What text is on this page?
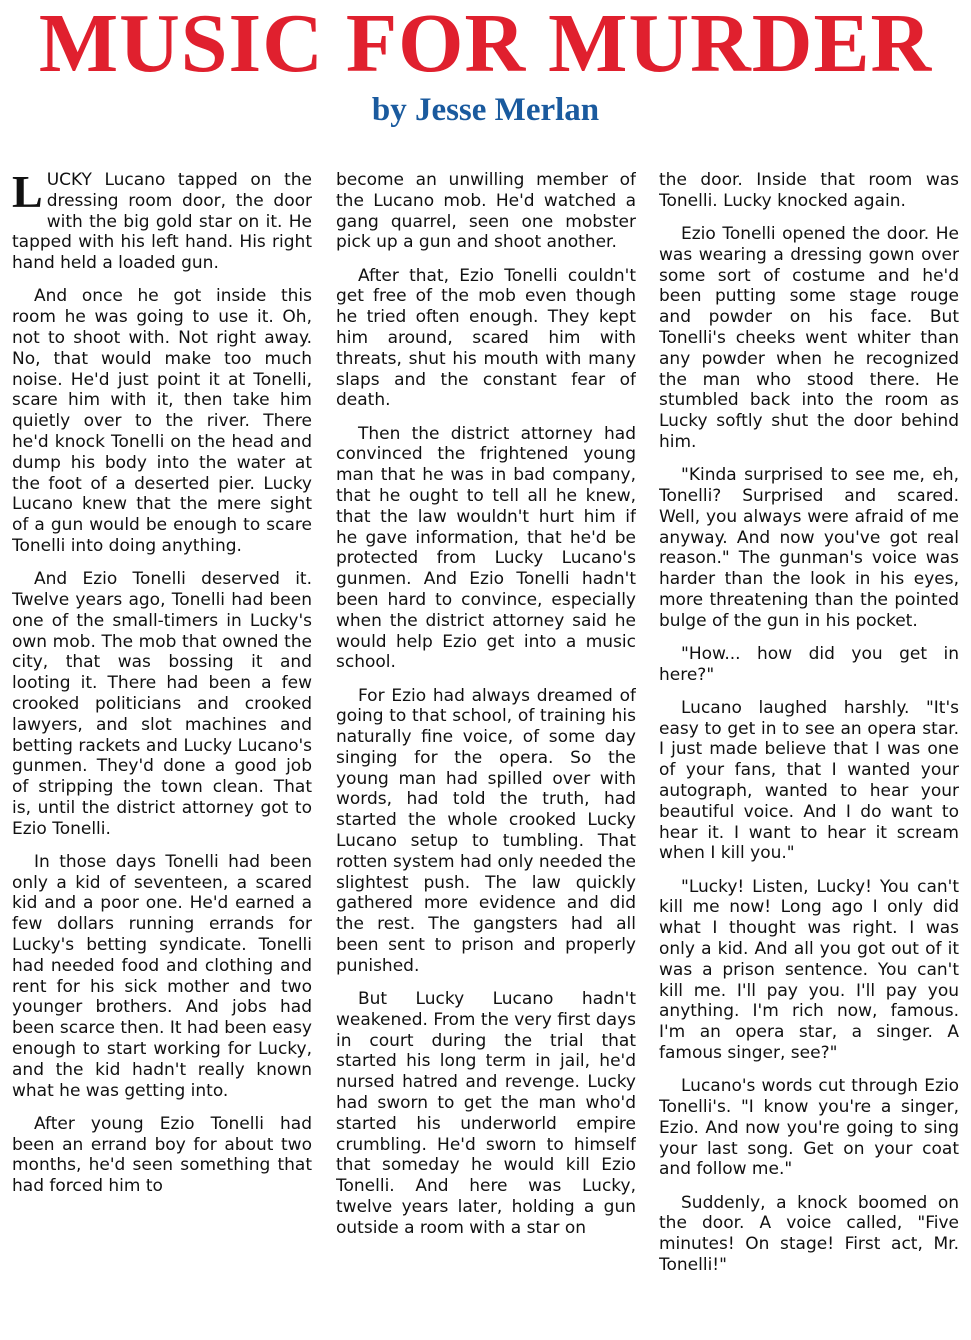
MUSIC FOR MURDER
by Jesse Merlan

LUCKY Lucano tapped on the dressing room door, the door with the big gold star on it. He tapped with his left hand. His right hand held a loaded gun.

And once he got inside this room he was going to use it. Oh, not to shoot with. Not right away. No, that would make too much noise. He'd just point it at Tonelli, scare him with it, then take him quietly over to the river. There he'd knock Tonelli on the head and dump his body into the water at the foot of a deserted pier. Lucky Lucano knew that the mere sight of a gun would be enough to scare Tonelli into doing anything.

And Ezio Tonelli deserved it. Twelve years ago, Tonelli had been one of the small-timers in Lucky's own mob. The mob that owned the city, that was bossing it and looting it. There had been a few crooked politicians and crooked lawyers, and slot machines and betting rackets and Lucky Lucano's gunmen. They'd done a good job of stripping the town clean. That is, until the district attorney got to Ezio Tonelli.

In those days Tonelli had been only a kid of seventeen, a scared kid and a poor one. He'd earned a few dollars running errands for Lucky's betting syndicate. Tonelli had needed food and clothing and rent for his sick mother and two younger brothers. And jobs had been scarce then. It had been easy enough to start working for Lucky, and the kid hadn't really known what he was getting into.

After young Ezio Tonelli had been an errand boy for about two months, he'd seen something that had forced him to

become an unwilling member of the Lucano mob. He'd watched a gang quarrel, seen one mobster pick up a gun and shoot another.

After that, Ezio Tonelli couldn't get free of the mob even though he tried often enough. They kept him around, scared him with threats, shut his mouth with many slaps and the constant fear of death.

Then the district attorney had convinced the frightened young man that he was in bad company, that he ought to tell all he knew, that the law wouldn't hurt him if he gave information, that he'd be protected from Lucky Lucano's gunmen. And Ezio Tonelli hadn't been hard to convince, especially when the district attorney said he would help Ezio get into a music school.

For Ezio had always dreamed of going to that school, of training his naturally fine voice, of some day singing for the opera. So the young man had spilled over with words, had told the truth, had started the whole crooked Lucky Lucano setup to tumbling. That rotten system had only needed the slightest push. The law quickly gathered more evidence and did the rest. The gangsters had all been sent to prison and properly punished.

But Lucky Lucano hadn't weakened. From the very first days in court during the trial that started his long term in jail, he'd nursed hatred and revenge. Lucky had sworn to get the man who'd started his underworld empire crumbling. He'd sworn to himself that someday he would kill Ezio Tonelli. And here was Lucky, twelve years later, holding a gun outside a room with a star on

the door. Inside that room was Tonelli. Lucky knocked again.

Ezio Tonelli opened the door. He was wearing a dressing gown over some sort of costume and he'd been putting some stage rouge and powder on his face. But Tonelli's cheeks went whiter than any powder when he recognized the man who stood there. He stumbled back into the room as Lucky softly shut the door behind him.

"Kinda surprised to see me, eh, Tonelli? Surprised and scared. Well, you always were afraid of me anyway. And now you've got real reason." The gunman's voice was harder than the look in his eyes, more threatening than the pointed bulge of the gun in his pocket.

"How... how did you get in here?"

Lucano laughed harshly. "It's easy to get in to see an opera star. I just made believe that I was one of your fans, that I wanted your autograph, wanted to hear your beautiful voice. And I do want to hear it. I want to hear it scream when I kill you."

"Lucky! Listen, Lucky! You can't kill me now! Long ago I only did what I thought was right. I was only a kid. And all you got out of it was a prison sentence. You can't kill me. I'll pay you. I'll pay you anything. I'm rich now, famous. I'm an opera star, a singer. A famous singer, see?"

Lucano's words cut through Ezio Tonelli's. "I know you're a singer, Ezio. And now you're going to sing your last song. Get on your coat and follow me."

Suddenly, a knock boomed on the door. A voice called, "Five minutes! On stage! First act, Mr. Tonelli!"
